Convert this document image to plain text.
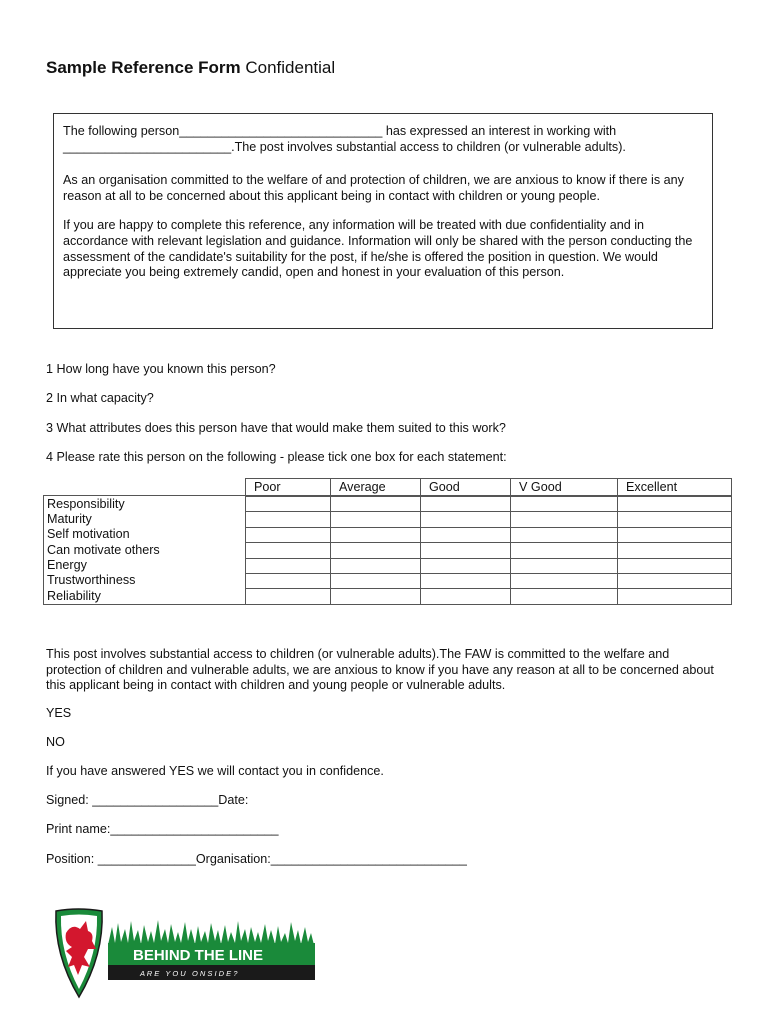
Sample Reference Form Confidential

The following person_____________________________ has expressed an interest in working with
________________________.The post involves substantial access to children (or vulnerable adults).

As an organisation committed to the welfare of and protection of children, we are anxious to know if there is any reason at all to be concerned about this applicant being in contact with children or young people.

If you are happy to complete this reference, any information will be treated with due confidentiality and in accordance with relevant legislation and guidance. Information will only be shared with the person conducting the assessment of the candidate's suitability for the post, if he/she is offered the position in question. We would appreciate you being extremely candid, open and honest in your evaluation of this person.

1 How long have you known this person?
2 In what capacity?
3 What attributes does this person have that would make them suited to this work?
4 Please rate this person on the following - please tick one box for each statement:
	Poor	Average	Good	V Good	Excellent

Responsibility					
Maturity					
Self motivation					
Can motivate others					
Energy					
Trustworthiness					
Reliability					
This post involves substantial access to children (or vulnerable adults).The FAW is committed to the welfare and protection of children and vulnerable adults, we are anxious to know if you have any reason at all to be concerned about this applicant being in contact with children and young people or vulnerable adults.
YES
NO
If you have answered YES we will contact you in confidence.
Signed: __________________Date:
Print name:________________________
Position: ______________Organisation:____________________________
BEHIND THE LINE
A R E   Y O U   O N S I D E ?
